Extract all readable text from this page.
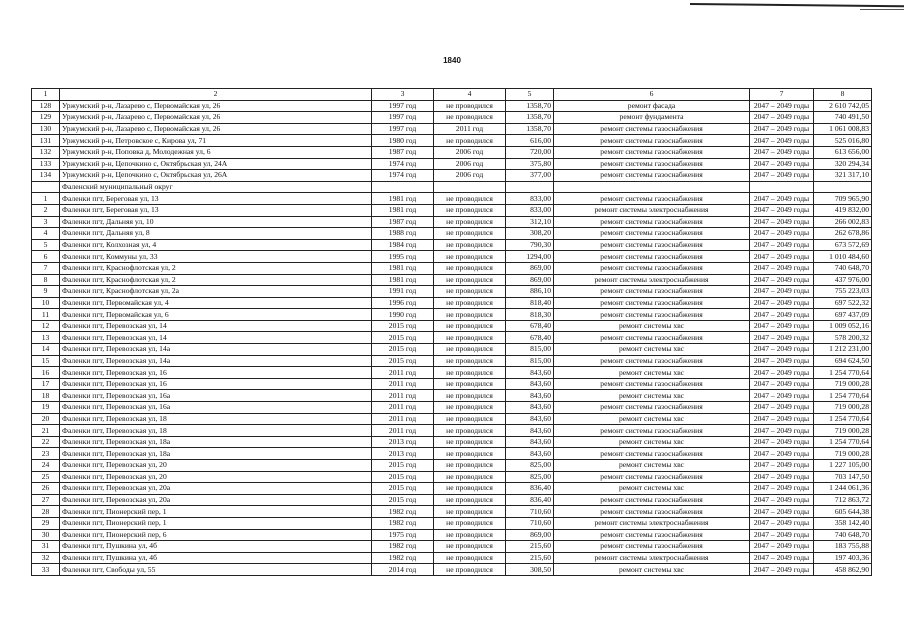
1840
1	2	3	4	5	6	7	8
128	Уржумский р-н, Лазарево с, Первомайская ул, 26	1997 год	не проводился	1358,70	ремонт фасада	2047 – 2049 годы	2 610 742,05
129	Уржумский р-н, Лазарево с, Первомайская ул, 26	1997 год	не проводился	1358,70	ремонт фундамента	2047 – 2049 годы	740 491,50
130	Уржумский р-н, Лазарево с, Первомайская ул, 26	1997 год	2011 год	1358,70	ремонт системы газоснабжения	2047 – 2049 годы	1 061 008,83
131	Уржумский р-н, Петровское с, Кирова ул, 71	1980 год	не проводился	616,00	ремонт системы газоснабжения	2047 – 2049 годы	525 016,80
132	Уржумский р-н, Поповка д, Молодежная ул, 6	1987 год	2006 год	720,00	ремонт системы газоснабжения	2047 – 2049 годы	613 656,00
133	Уржумский р-н, Цепочкино с, Октябрьская ул, 24А	1974 год	2006 год	375,80	ремонт системы газоснабжения	2047 – 2049 годы	320 294,34
134	Уржумский р-н, Цепочкино с, Октябрьская ул, 26А	1974 год	2006 год	377,00	ремонт системы газоснабжения	2047 – 2049 годы	321 317,10
	Фаленский муниципальный округ						
1	Фаленки пгт, Береговая ул, 13	1981 год	не проводился	833,00	ремонт системы газоснабжения	2047 – 2049 годы	709 965,90
2	Фаленки пгт, Береговая ул, 13	1981 год	не проводился	833,00	ремонт системы электроснабжения	2047 – 2049 годы	419 832,00
3	Фаленки пгт, Дальняя ул, 10	1987 год	не проводился	312,10	ремонт системы газоснабжения	2047 – 2049 годы	266 002,83
4	Фаленки пгт, Дальняя ул, 8	1988 год	не проводился	308,20	ремонт системы газоснабжения	2047 – 2049 годы	262 678,86
5	Фаленки пгт, Колхозная ул, 4	1984 год	не проводился	790,30	ремонт системы газоснабжения	2047 – 2049 годы	673 572,69
6	Фаленки пгт, Коммуны ул, 33	1995 год	не проводился	1294,00	ремонт системы газоснабжения	2047 – 2049 годы	1 010 484,60
7	Фаленки пгт, Краснофлотская ул, 2	1981 год	не проводился	869,00	ремонт системы газоснабжения	2047 – 2049 годы	740 648,70
8	Фаленки пгт, Краснофлотская ул, 2	1981 год	не проводился	869,00	ремонт системы электроснабжения	2047 – 2049 годы	437 976,00
9	Фаленки пгт, Краснофлотская ул, 2а	1991 год	не проводился	886,10	ремонт системы газоснабжения	2047 – 2049 годы	755 223,03
10	Фаленки пгт, Первомайская ул, 4	1996 год	не проводился	818,40	ремонт системы газоснабжения	2047 – 2049 годы	697 522,32
11	Фаленки пгт, Первомайская ул, 6	1990 год	не проводился	818,30	ремонт системы газоснабжения	2047 – 2049 годы	697 437,09
12	Фаленки пгт, Перевозская ул, 14	2015 год	не проводился	678,40	ремонт системы хвс	2047 – 2049 годы	1 009 052,16
13	Фаленки пгт, Перевозская ул, 14	2015 год	не проводился	678,40	ремонт системы газоснабжения	2047 – 2049 годы	578 200,32
14	Фаленки пгт, Перевозская ул, 14а	2015 год	не проводился	815,00	ремонт системы хвс	2047 – 2049 годы	1 212 231,00
15	Фаленки пгт, Перевозская ул, 14а	2015 год	не проводился	815,00	ремонт системы газоснабжения	2047 – 2049 годы	694 624,50
16	Фаленки пгт, Перевозская ул, 16	2011 год	не проводился	843,60	ремонт системы хвс	2047 – 2049 годы	1 254 770,64
17	Фаленки пгт, Перевозская ул, 16	2011 год	не проводился	843,60	ремонт системы газоснабжения	2047 – 2049 годы	719 000,28
18	Фаленки пгт, Перевозская ул, 16а	2011 год	не проводился	843,60	ремонт системы хвс	2047 – 2049 годы	1 254 770,64
19	Фаленки пгт, Перевозская ул, 16а	2011 год	не проводился	843,60	ремонт системы газоснабжения	2047 – 2049 годы	719 000,28
20	Фаленки пгт, Перевозская ул, 18	2011 год	не проводился	843,60	ремонт системы хвс	2047 – 2049 годы	1 254 770,64
21	Фаленки пгт, Перевозская ул, 18	2011 год	не проводился	843,60	ремонт системы газоснабжения	2047 – 2049 годы	719 000,28
22	Фаленки пгт, Перевозская ул, 18а	2013 год	не проводился	843,60	ремонт системы хвс	2047 – 2049 годы	1 254 770,64
23	Фаленки пгт, Перевозская ул, 18а	2013 год	не проводился	843,60	ремонт системы газоснабжения	2047 – 2049 годы	719 000,28
24	Фаленки пгт, Перевозская ул, 20	2015 год	не проводился	825,00	ремонт системы хвс	2047 – 2049 годы	1 227 105,00
25	Фаленки пгт, Перевозская ул, 20	2015 год	не проводился	825,00	ремонт системы газоснабжения	2047 – 2049 годы	703 147,50
26	Фаленки пгт, Перевозская ул, 20а	2015 год	не проводился	836,40	ремонт системы хвс	2047 – 2049 годы	1 244 061,36
27	Фаленки пгт, Перевозская ул, 20а	2015 год	не проводился	836,40	ремонт системы газоснабжения	2047 – 2049 годы	712 863,72
28	Фаленки пгт, Пионерский пер, 1	1982 год	не проводился	710,60	ремонт системы газоснабжения	2047 – 2049 годы	605 644,38
29	Фаленки пгт, Пионерский пер, 1	1982 год	не проводился	710,60	ремонт системы электроснабжения	2047 – 2049 годы	358 142,40
30	Фаленки пгт, Пионерский пер, 6	1975 год	не проводился	869,00	ремонт системы газоснабжения	2047 – 2049 годы	740 648,70
31	Фаленки пгт, Пушкина ул, 4б	1982 год	не проводился	215,60	ремонт системы газоснабжения	2047 – 2049 годы	183 755,88
32	Фаленки пгт, Пушкина ул, 4б	1982 год	не проводился	215,60	ремонт системы электроснабжения	2047 – 2049 годы	197 403,36
33	Фаленки пгт, Свободы ул, 55	2014 год	не проводился	308,50	ремонт системы хвс	2047 – 2049 годы	458 862,90
